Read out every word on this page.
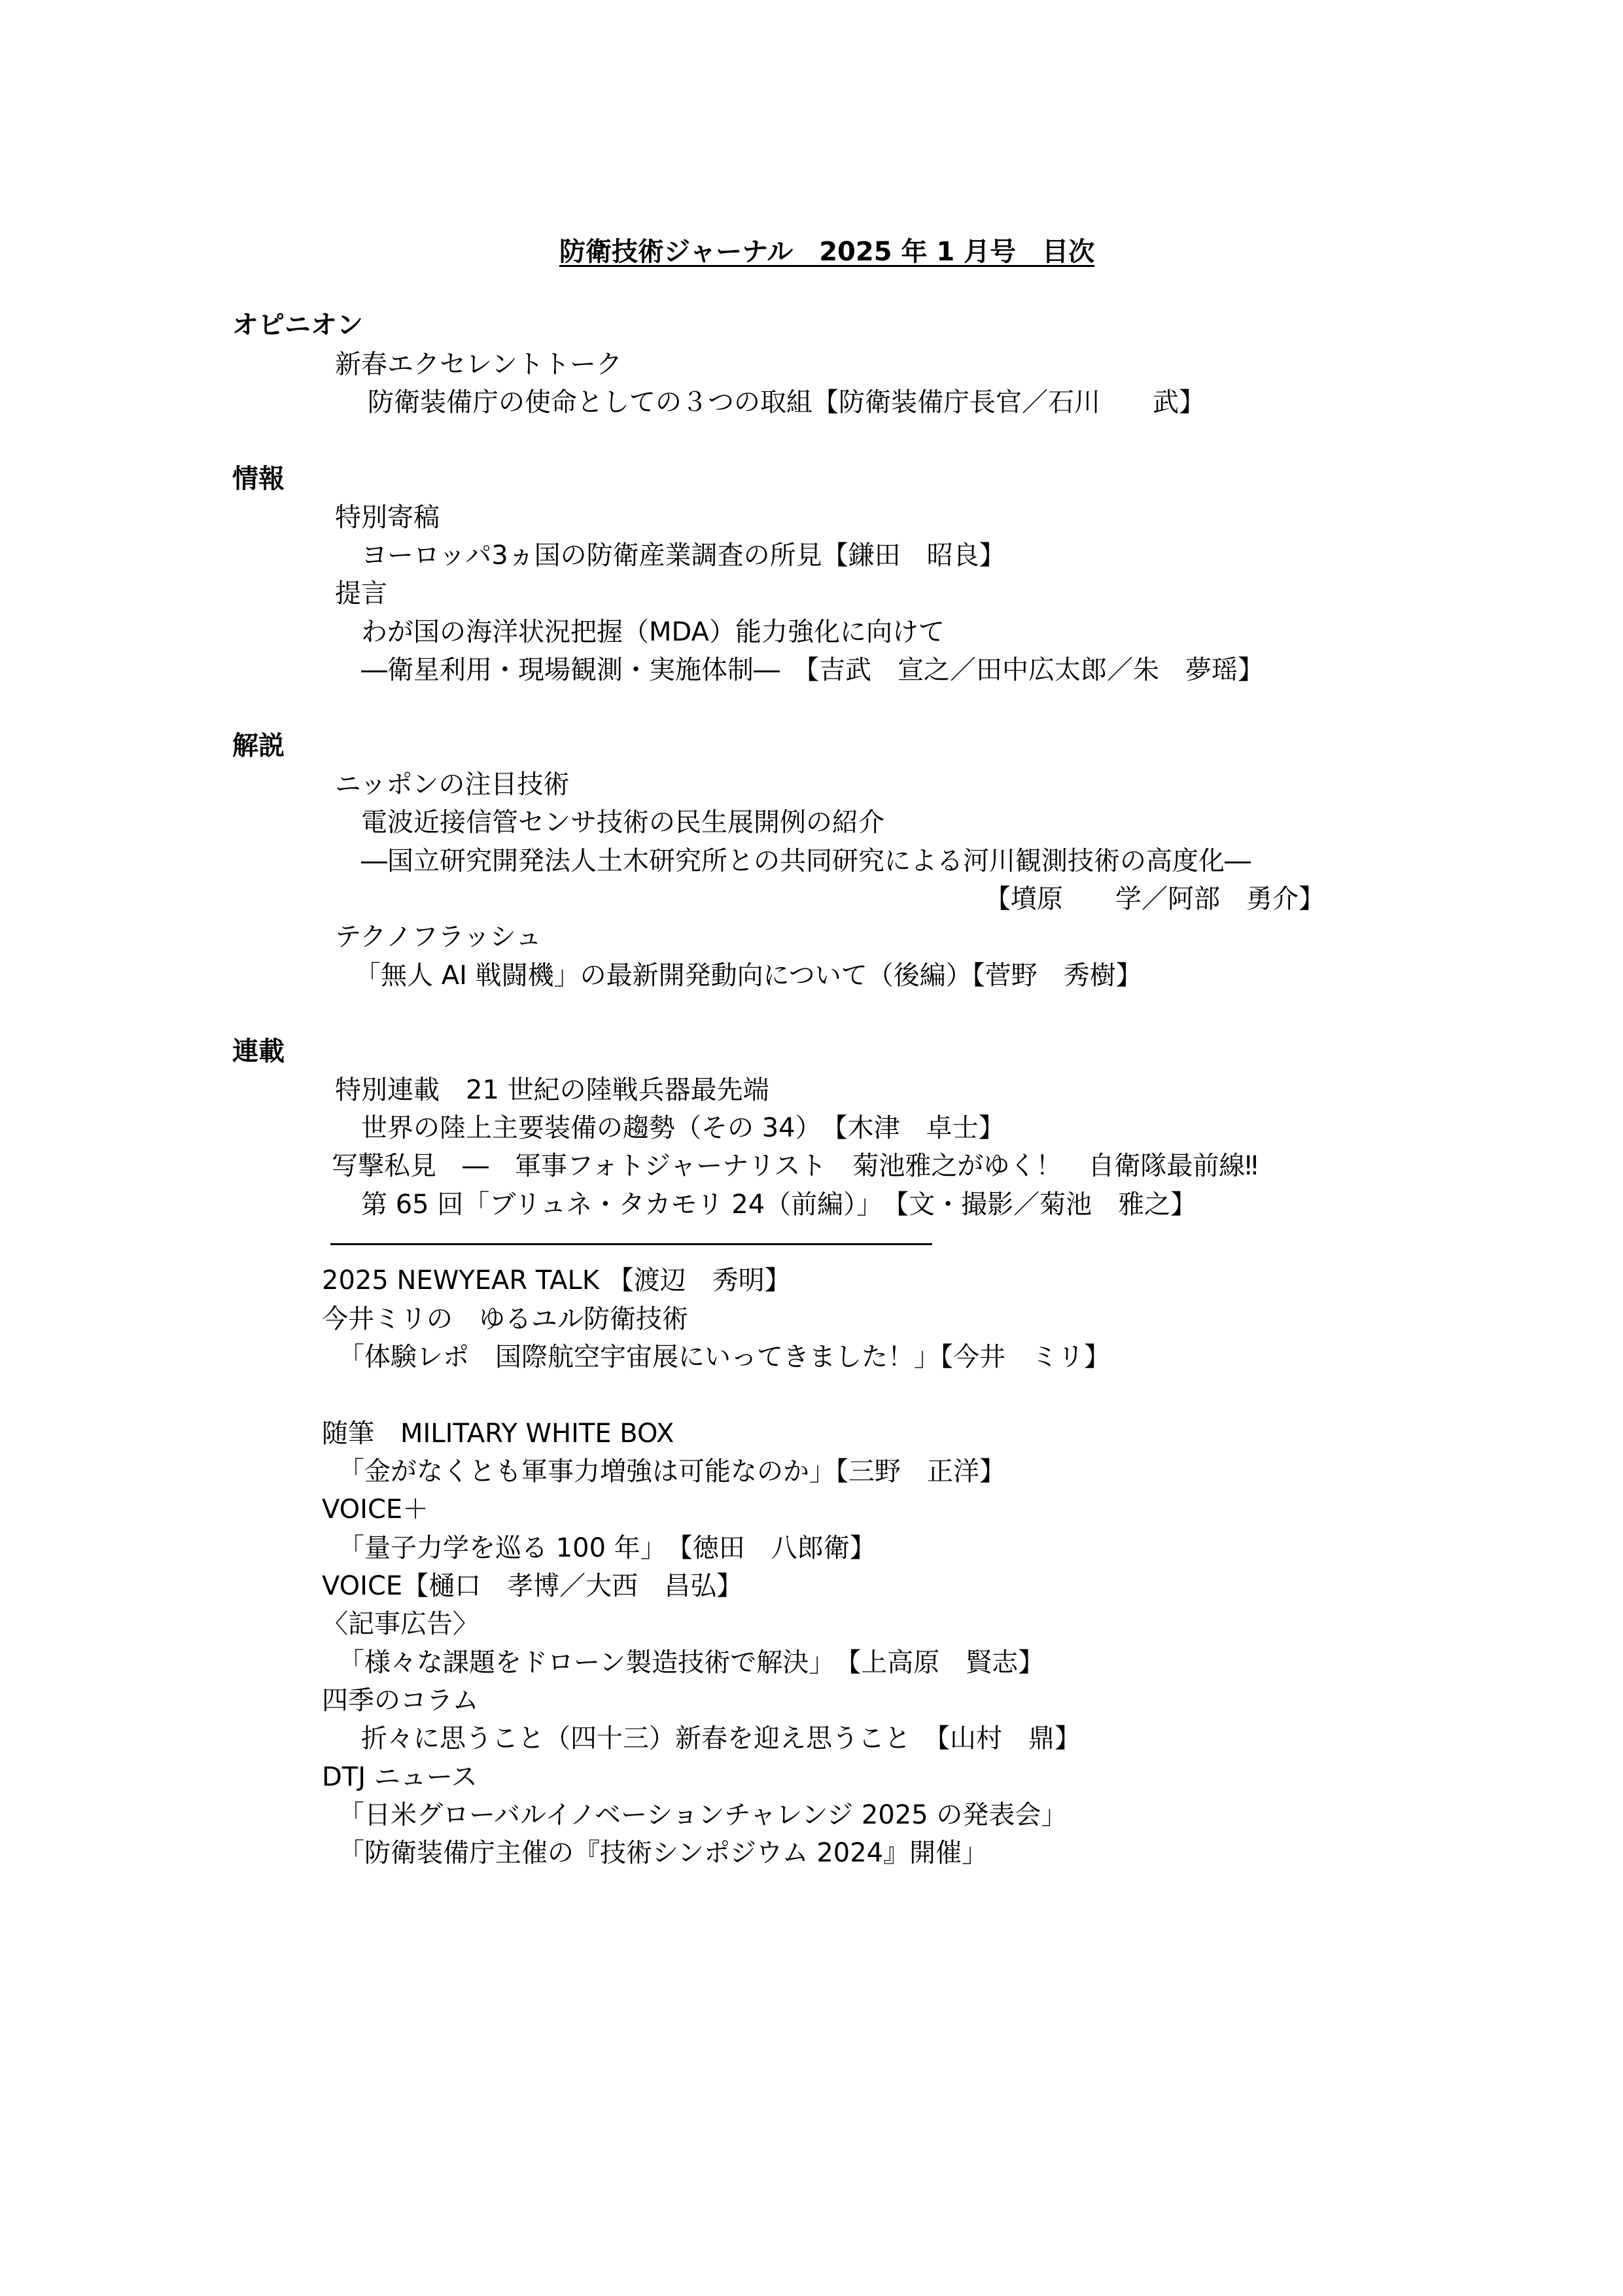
防衛技術ジャーナル　2025 年 1 月号　目次
オピニオン
新春エクセレントトーク
防衛装備庁の使命としての３つの取組【防衛装備庁長官／石川　　武】
情報
特別寄稿
ヨーロッパ3ヵ国の防衛産業調査の所見【鎌田　昭良】
提言
わが国の海洋状況把握（MDA）能力強化に向けて
―衛星利用・現場観測・実施体制―　【吉武　宣之／田中広太郎／朱　夢瑶】
解説
ニッポンの注目技術
電波近接信管センサ技術の民生展開例の紹介
―国立研究開発法人土木研究所との共同研究による河川観測技術の高度化―
【墳原　　学／阿部　勇介】
テクノフラッシュ
「無人 AI 戦闘機」の最新開発動向について（後編）【菅野　秀樹】
連載
特別連載　21 世紀の陸戦兵器最先端
世界の陸上主要装備の趨勢（その 34）　【木津　卓士】
写撃私見　―　軍事フォトジャーナリスト　菊池雅之がゆく！　自衛隊最前線‼
第 65 回「ブリュネ・タカモリ 24（前編）」　【文・撮影／菊池　雅之】
2025 NEWYEAR TALK 【渡辺　秀明】
今井ミリの　ゆるユル防衛技術
「体験レポ　国際航空宇宙展にいってきました！」【今井　ミリ】
随筆　MILITARY WHITE BOX
「金がなくとも軍事力増強は可能なのか」【三野　正洋】
VOICE＋
「量子力学を巡る 100 年」　【徳田　八郎衛】
VOICE【樋口　孝博／大西　昌弘】
〈記事広告〉
「様々な課題をドローン製造技術で解決」　【上高原　賢志】
四季のコラム
折々に思うこと（四十三）新春を迎え思うこと　【山村　鼎】
DTJ ニュース
「日米グローバルイノベーションチャレンジ 2025 の発表会」
「防衛装備庁主催の『技術シンポジウム 2024』開催」
